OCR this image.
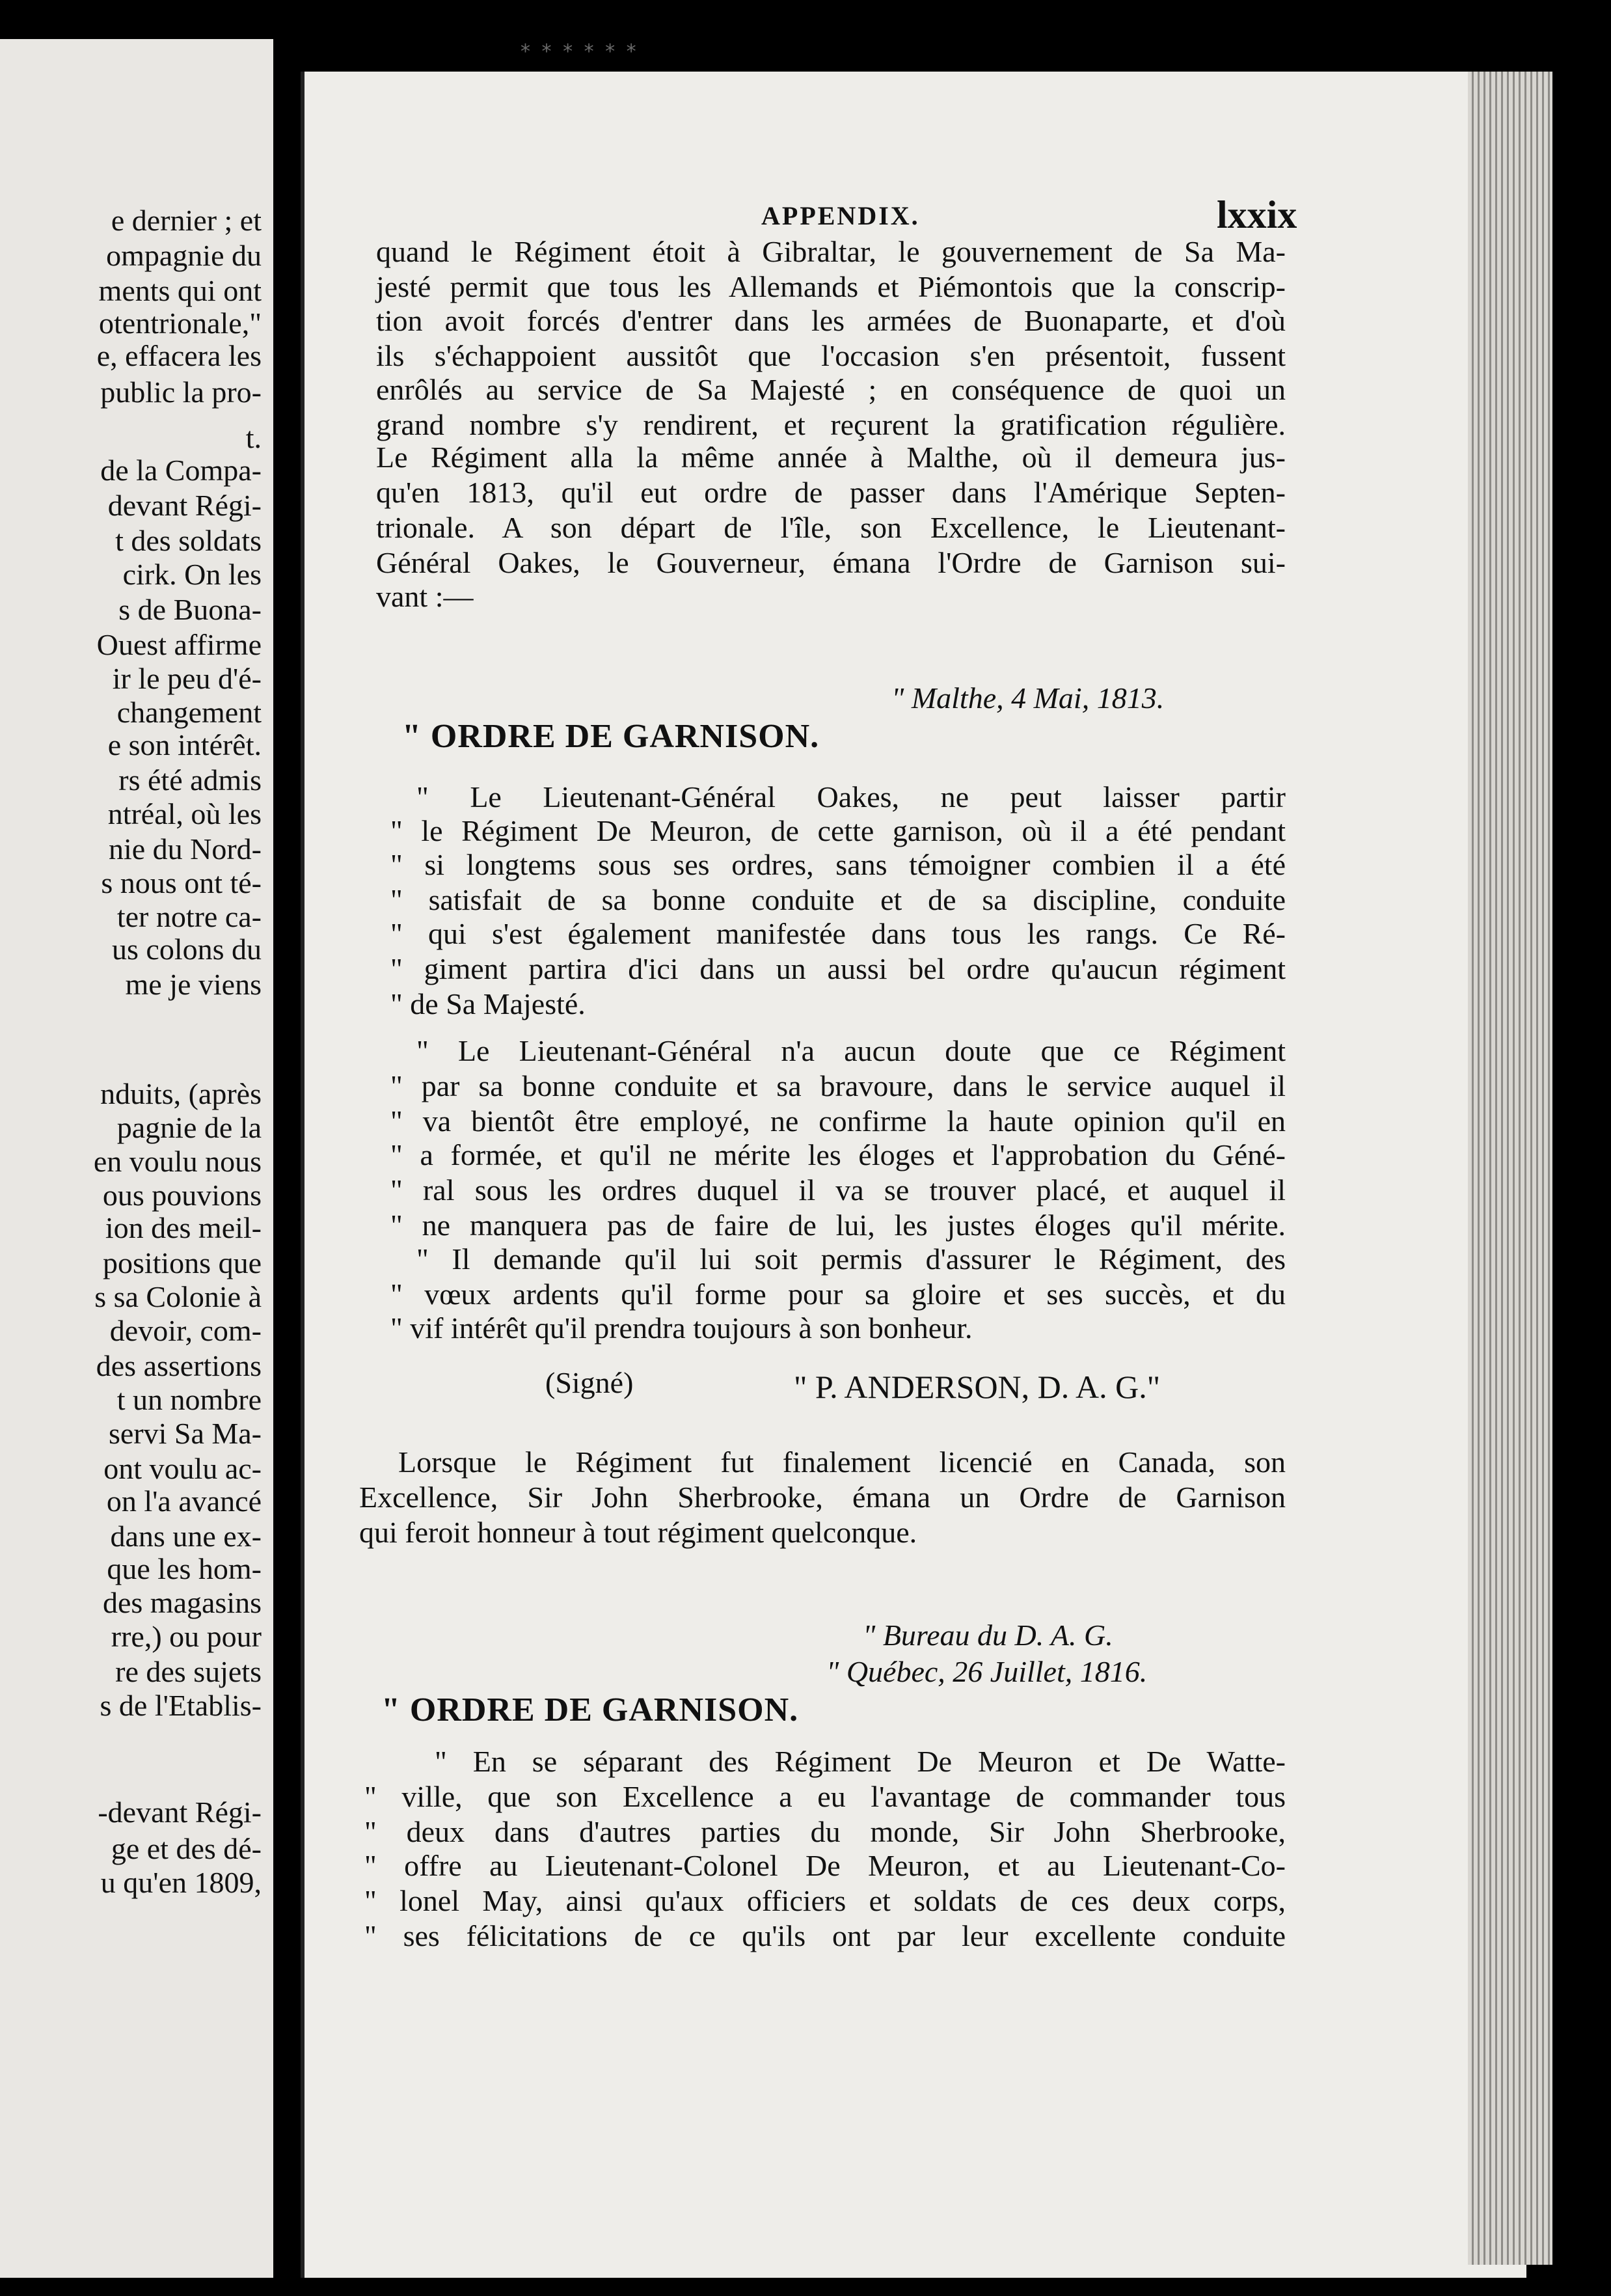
e dernier ; et
ompagnie du
ments qui ont
otentrionale,"
e, effacera les
public la pro-
t.
de la Compa-
devant Régi-
t des soldats
cirk. On les
s de Buona-
Ouest affirme
ir le peu d'é-
changement
e son intérêt.
rs été admis
ntréal, où les
nie du Nord-
s nous ont té-
ter notre ca-
us colons du
me je viens
nduits, (après
pagnie de la
en voulu nous
ous pouvions
ion des meil-
positions que
s sa Colonie à
devoir, com-
des assertions
t un nombre
servi Sa Ma-
ont voulu ac-
on l'a avancé
dans une ex-
que les hom-
des magasins
rre,) ou pour
re des sujets
s de l'Etablis-
-devant Régi-
ge et des dé-
u qu'en 1809,
* * * * * *
APPENDIX.	lxxix
quand le Régiment étoit à Gibraltar, le gouvernement de Sa Ma-
jesté permit que tous les Allemands et Piémontois que la conscrip-
tion avoit forcés d'entrer dans les armées de Buonaparte, et d'où
ils s'échappoient aussitôt que l'occasion s'en présentoit, fussent
enrôlés au service de Sa Majesté ; en conséquence de quoi un
grand nombre s'y rendirent, et reçurent la gratification régulière.
Le Régiment alla la même année à Malthe, où il demeura jus-
qu'en 1813, qu'il eut ordre de passer dans l'Amérique Septen-
trionale. A son départ de l'île, son Excellence, le Lieutenant-
Général Oakes, le Gouverneur, émana l'Ordre de Garnison sui-
vant :—
" Malthe, 4 Mai, 1813.
" ORDRE DE GARNISON.
" Le Lieutenant-Général Oakes, ne peut laisser partir
" le Régiment De Meuron, de cette garnison, où il a été pendant
" si longtems sous ses ordres, sans témoigner combien il a été
" satisfait de sa bonne conduite et de sa discipline, conduite
" qui s'est également manifestée dans tous les rangs. Ce Ré-
" giment partira d'ici dans un aussi bel ordre qu'aucun régiment
" de Sa Majesté.
" Le Lieutenant-Général n'a aucun doute que ce Régiment
" par sa bonne conduite et sa bravoure, dans le service auquel il
" va bientôt être employé, ne confirme la haute opinion qu'il en
" a formée, et qu'il ne mérite les éloges et l'approbation du Géné-
" ral sous les ordres duquel il va se trouver placé, et auquel il
" ne manquera pas de faire de lui, les justes éloges qu'il mérite.
" Il demande qu'il lui soit permis d'assurer le Régiment, des
" vœux ardents qu'il forme pour sa gloire et ses succès, et du
" vif intérêt qu'il prendra toujours à son bonheur.
(Signé)	" P. ANDERSON, D. A. G."
Lorsque le Régiment fut finalement licencié en Canada, son
Excellence, Sir John Sherbrooke, émana un Ordre de Garnison
qui feroit honneur à tout régiment quelconque.
" Bureau du D. A. G.
" Québec, 26 Juillet, 1816.
" ORDRE DE GARNISON.
" En se séparant des Régiment De Meuron et De Watte-
" ville, que son Excellence a eu l'avantage de commander tous
" deux dans d'autres parties du monde, Sir John Sherbrooke,
" offre au Lieutenant-Colonel De Meuron, et au Lieutenant-Co-
" lonel May, ainsi qu'aux officiers et soldats de ces deux corps,
" ses félicitations de ce qu'ils ont par leur excellente conduite
